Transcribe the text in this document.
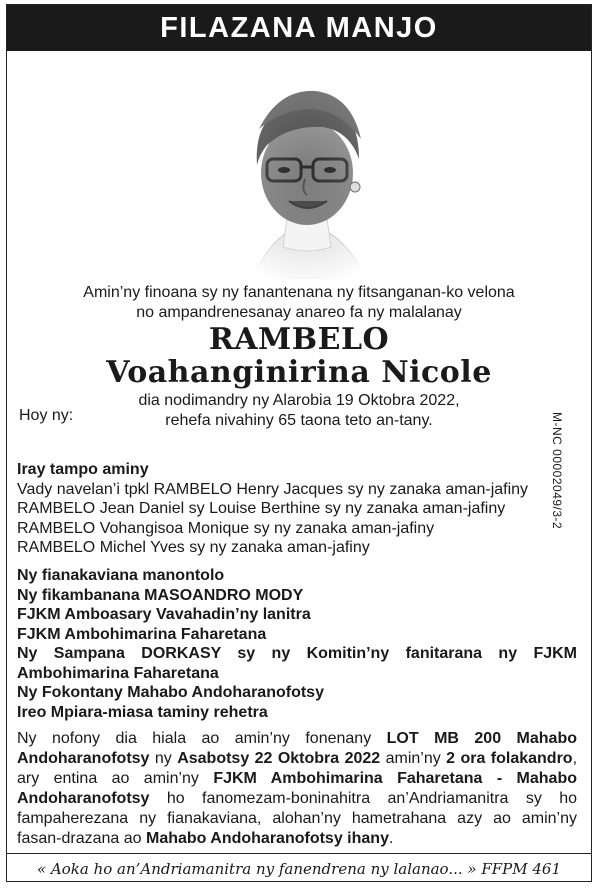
FILAZANA MANJO
Amin’ny finoana sy ny fanantenana ny fitsanganan-ko velona
no ampandrenesanay anareo fa ny malalanay
RAMBELO
Voahanginirina Nicole
dia nodimandry ny Alarobia 19 Oktobra 2022,
rehefa nivahiny 65 taona teto an-tany.
Hoy ny:
Iray tampo aminy
Vady navelan’i tpkl RAMBELO Henry Jacques sy ny zanaka aman-jafiny
RAMBELO Jean Daniel sy Louise Berthine sy ny zanaka aman-jafiny
RAMBELO Vohangisoa Monique sy ny zanaka aman-jafiny
RAMBELO Michel Yves sy ny zanaka aman-jafiny
Ny fianakaviana manontolo
Ny fikambanana MASOANDRO MODY
FJKM Amboasary Vavahadin’ny lanitra
FJKM Ambohimarina Faharetana
Ny Sampana DORKASY sy ny Komitin’ny fanitarana ny FJKM
Ambohimarina Faharetana
Ny Fokontany Mahabo Andoharanofotsy
Ireo Mpiara-miasa taminy rehetra
Ny nofony dia hiala ao amin’ny fonenany LOT MB 200 Mahabo Andoharanofotsy ny Asabotsy 22 Oktobra 2022 amin’ny 2 ora folakandro, ary entina ao amin’ny FJKM Ambohimarina Faharetana - Mahabo Andoharanofotsy ho fanomezam-boninahitra an’Andriamanitra sy ho fampaherezana ny fianakaviana, alohan’ny hametrahana azy ao amin’ny fasan-drazana ao Mahabo Andoharanofotsy ihany.
« Aoka ho an’Andriamanitra ny fanendrena ny lalanao... » FFPM 461
M-NC 00002049/3-2
